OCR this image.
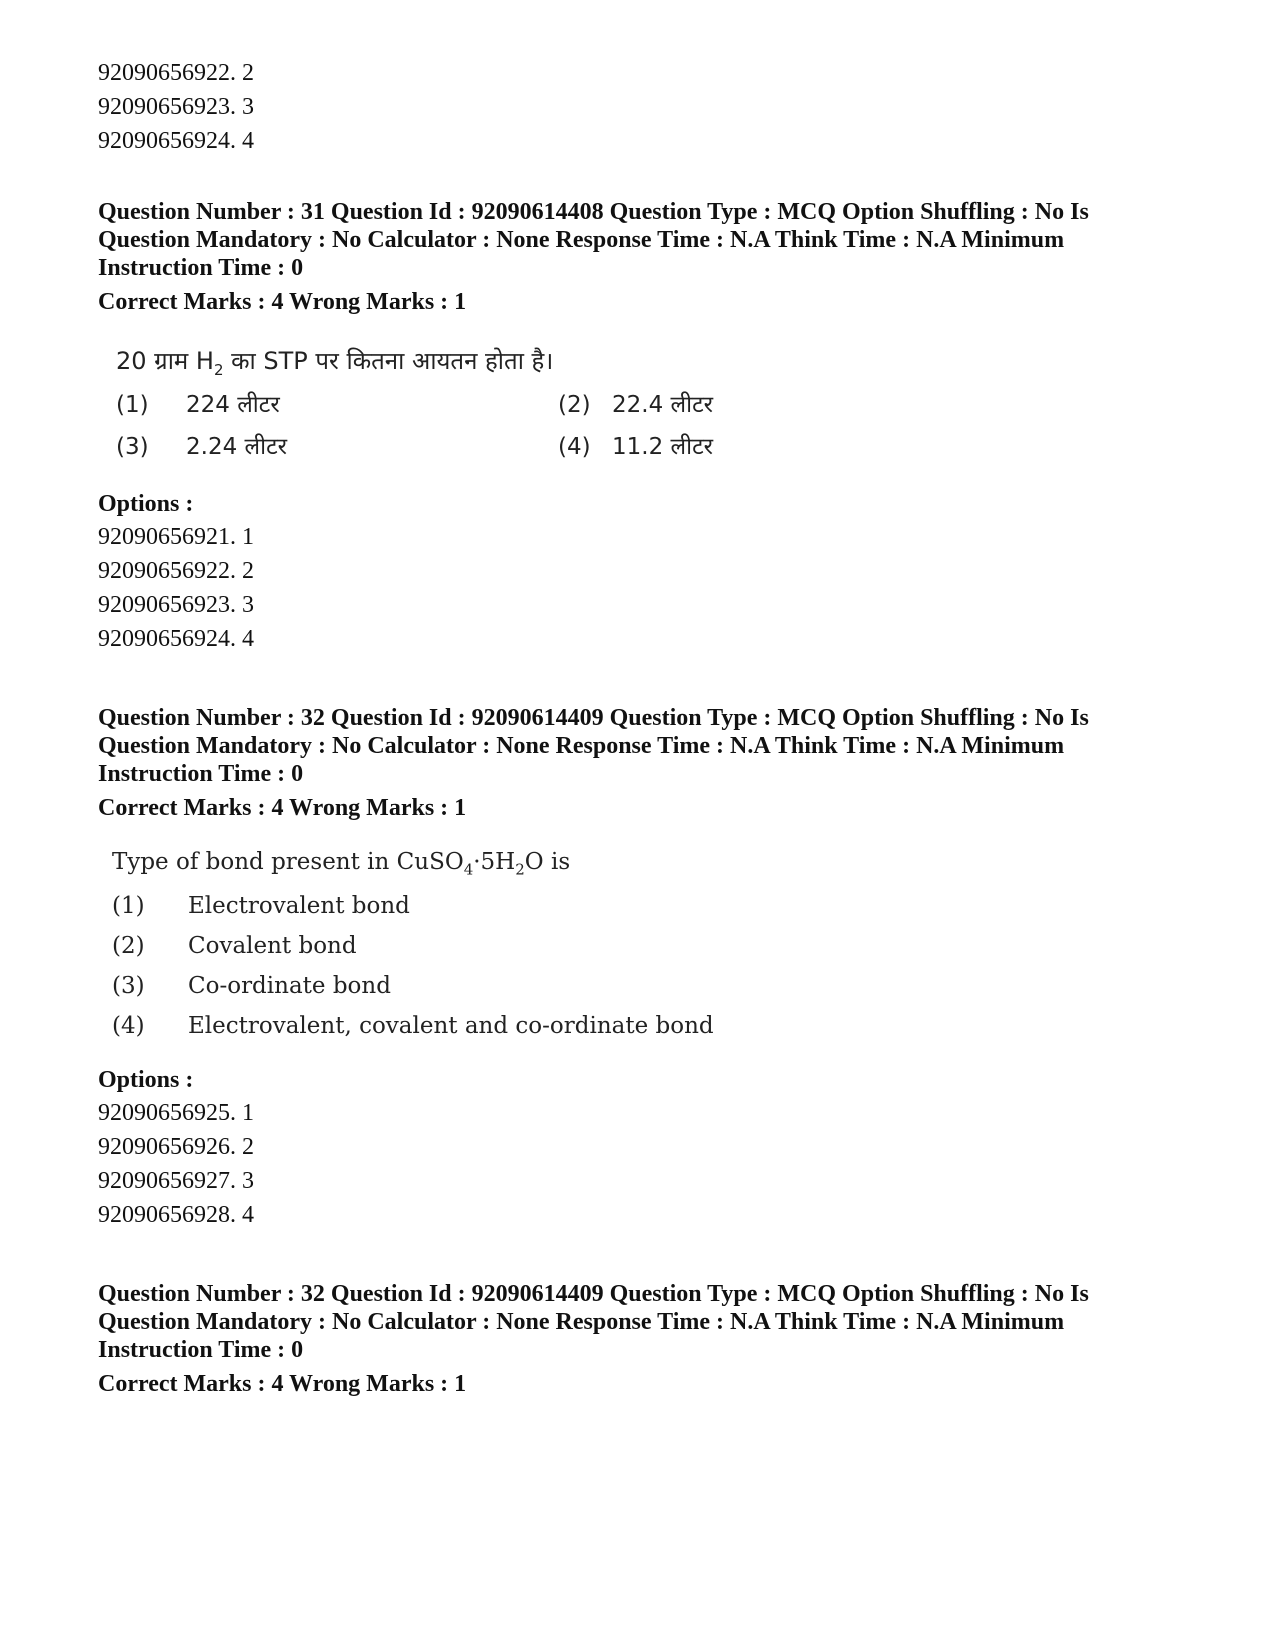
92090656922. 2
92090656923. 3
92090656924. 4
Question Number : 31 Question Id : 92090614408 Question Type : MCQ Option Shuffling : No Is
Question Mandatory : No Calculator : None Response Time : N.A Think Time : N.A Minimum
Instruction Time : 0
Correct Marks : 4 Wrong Marks : 1
20 ग्राम $H_2$ का STP पर कितना आयतन होता है।
(1)	224 लीटर	(2) 22.4 लीटर
(3)	2.24 लीटर	(4) 11.2 लीटर
Options :
92090656921. 1
92090656922. 2
92090656923. 3
92090656924. 4
Question Number : 32 Question Id : 92090614409 Question Type : MCQ Option Shuffling : No Is
Question Mandatory : No Calculator : None Response Time : N.A Think Time : N.A Minimum
Instruction Time : 0
Correct Marks : 4 Wrong Marks : 1
Type of bond present in $CuSO_4\cdot 5H_2O$ is
(1)	Electrovalent bond
(2)	Covalent bond
(3)	Co-ordinate bond
(4)	Electrovalent, covalent and co-ordinate bond
Options :
92090656925. 1
92090656926. 2
92090656927. 3
92090656928. 4
Question Number : 32 Question Id : 92090614409 Question Type : MCQ Option Shuffling : No Is
Question Mandatory : No Calculator : None Response Time : N.A Think Time : N.A Minimum
Instruction Time : 0
Correct Marks : 4 Wrong Marks : 1
